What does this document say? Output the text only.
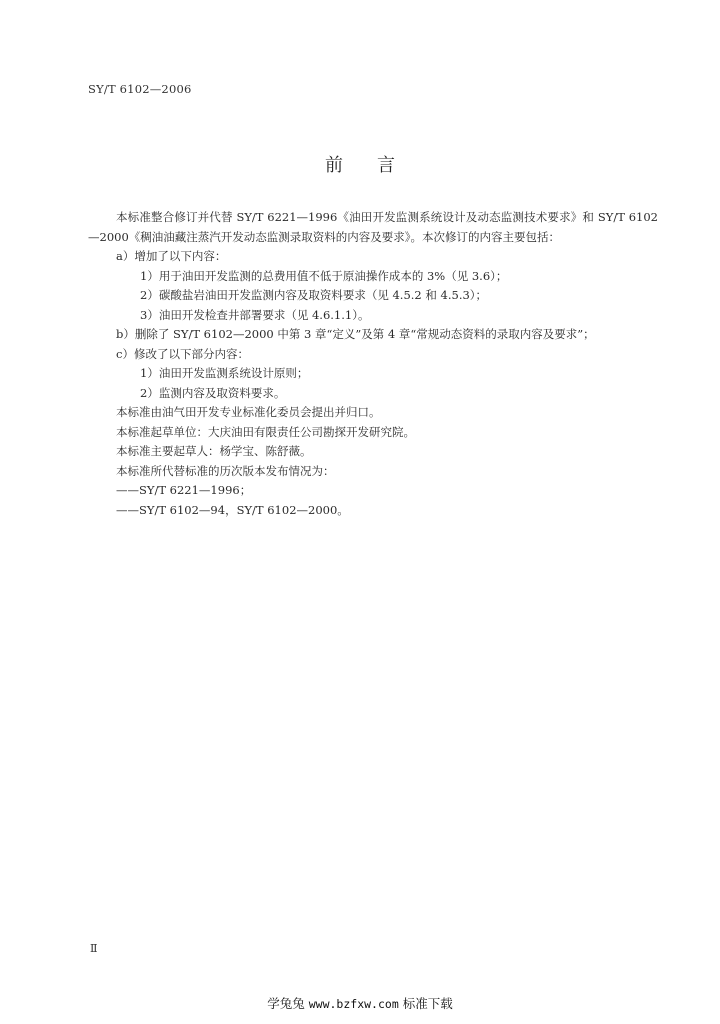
SY/T 6102—2006
前言

本标准整合修订并代替 SY/T 6221—1996《油田开发监测系统设计及动态监测技术要求》和 SY/T 6102—2000《稠油油藏注蒸汽开发动态监测录取资料的内容及要求》。本次修订的内容主要包括：

a）增加了以下内容：

1）用于油田开发监测的总费用值不低于原油操作成本的 3%（见 3.6）；

2）碳酸盐岩油田开发监测内容及取资料要求（见 4.5.2 和 4.5.3）；

3）油田开发检查井部署要求（见 4.6.1.1）。

b）删除了 SY/T 6102—2000 中第 3 章“定义”及第 4 章“常规动态资料的录取内容及要求”；

c）修改了以下部分内容：

1）油田开发监测系统设计原则；

2）监测内容及取资料要求。

本标准由油气田开发专业标准化委员会提出并归口。

本标准起草单位：大庆油田有限责任公司勘探开发研究院。

本标准主要起草人：杨学宝、陈舒薇。

本标准所代替标准的历次版本发布情况为：

——SY/T 6221—1996；

——SY/T 6102—94，SY/T 6102—2000。

Ⅱ
学兔兔 www.bzfxw.com 标准下载
